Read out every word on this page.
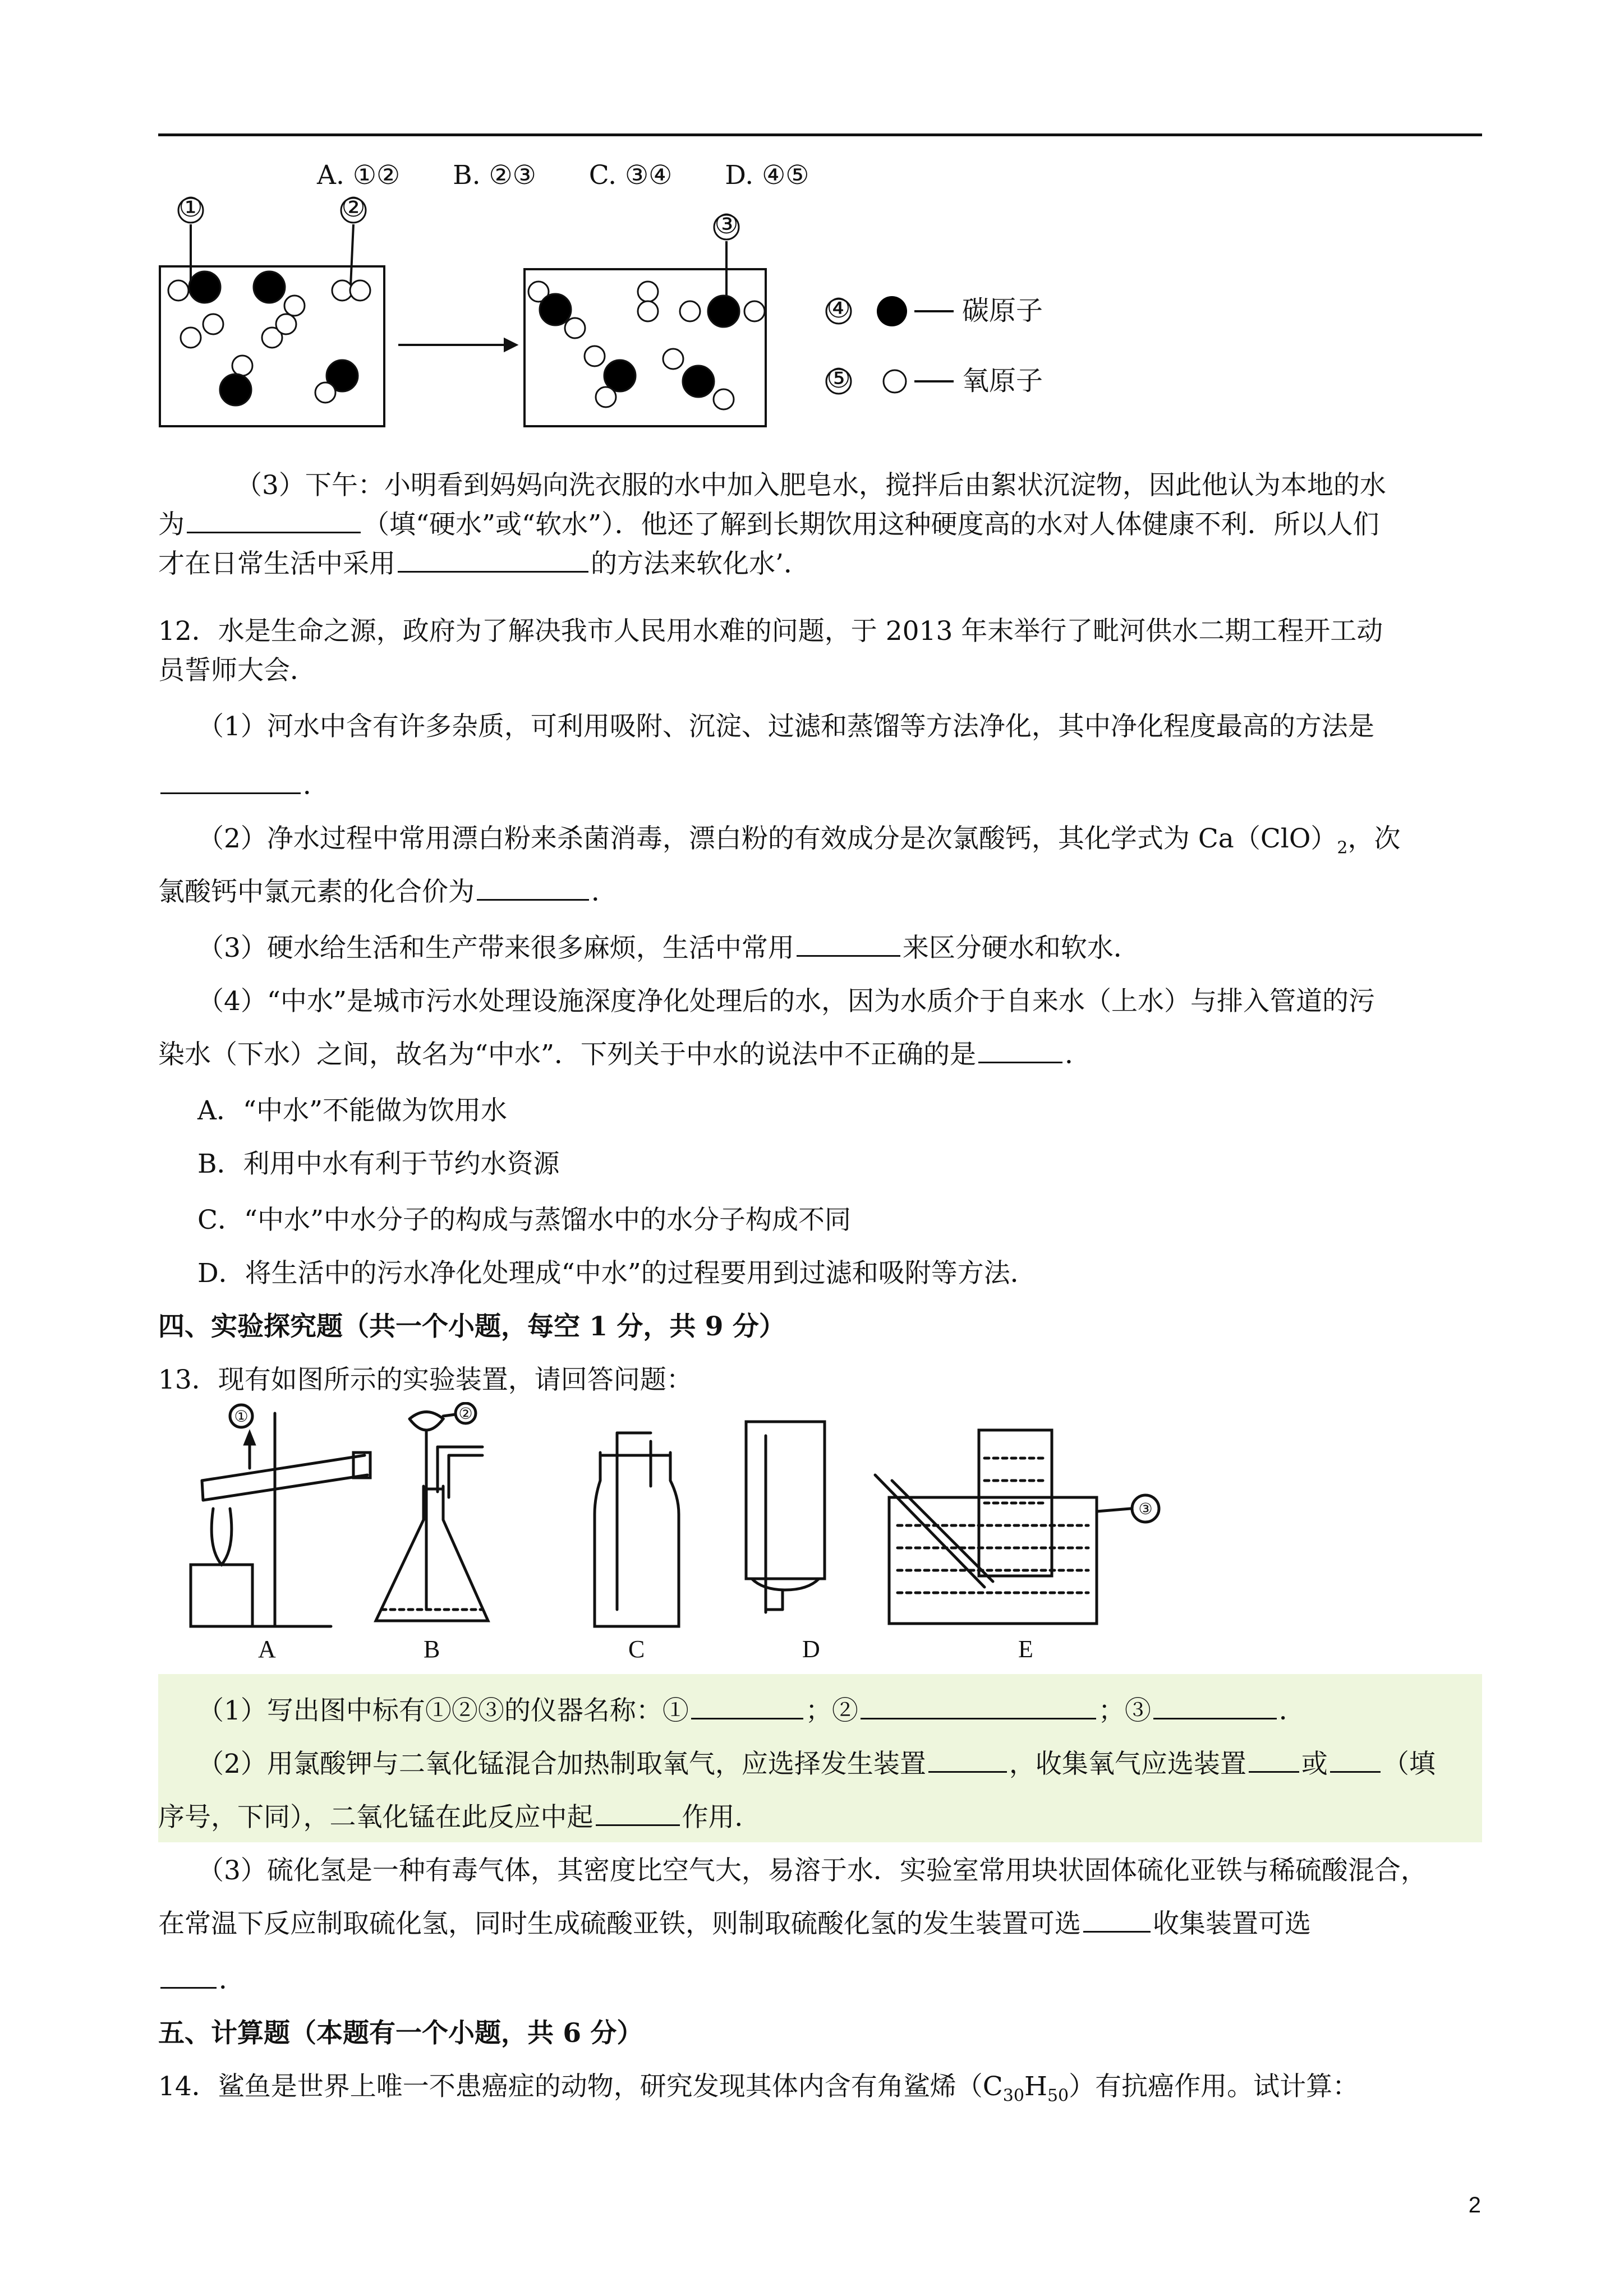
A. ①②　　B. ②③　　C. ③④　　D. ④⑤
①	②
③
④
⑤
碳原子
氧原子
（3）下午：小明看到妈妈向洗衣服的水中加入肥皂水，搅拌后由絮状沉淀物，因此他认为本地的水
为	（填“硬水”或“软水”）．他还了解到长期饮用这种硬度高的水对人体健康不利．所以人们
才在日常生活中采用	的方法来软化水’．
12．水是生命之源，政府为了解决我市人民用水难的问题，于 2013 年末举行了毗河供水二期工程开工动
员誓师大会．
（1）河水中含有许多杂质，可利用吸附、沉淀、过滤和蒸馏等方法净化，其中净化程度最高的方法是
．
（2）净水过程中常用漂白粉来杀菌消毒，漂白粉的有效成分是次氯酸钙，其化学式为 $Ca(ClO)_2$，次
氯酸钙中氯元素的化合价为	．
（3）硬水给生活和生产带来很多麻烦，生活中常用	来区分硬水和软水．
（4）“中水”是城市污水处理设施深度净化处理后的水，因为水质介于自来水（上水）与排入管道的污
染水（下水）之间，故名为“中水”．下列关于中水的说法中不正确的是	．
A．“中水”不能做为饮用水
B．利用中水有利于节约水资源
C．“中水”中水分子的构成与蒸馏水中的水分子构成不同
D．将生活中的污水净化处理成“中水”的过程要用到过滤和吸附等方法．
四、实验探究题（共一个小题，每空 1 分，共 9 分）
13．现有如图所示的实验装置，请回答问题：
①	②
③
A	B	C	D	E
（1）写出图中标有①②③的仪器名称：①	；②	；③	．
（2）用氯酸钾与二氧化锰混合加热制取氧气，应选择发生装置	，收集氧气应选装置 或 （填
序号，下同），二氧化锰在此反应中起	作用．
（3）硫化氢是一种有毒气体，其密度比空气大，易溶于水．实验室常用块状固体硫化亚铁与稀硫酸混合，
在常温下反应制取硫化氢，同时生成硫酸亚铁，则制取硫酸化氢的发生装置可选	收集装置可选
．
五、计算题（本题有一个小题，共 6 分）
14．鲨鱼是世界上唯一不患癌症的动物，研究发现其体内含有角鲨烯$(C_{30}H_{50})$有抗癌作用。试计算：
2
